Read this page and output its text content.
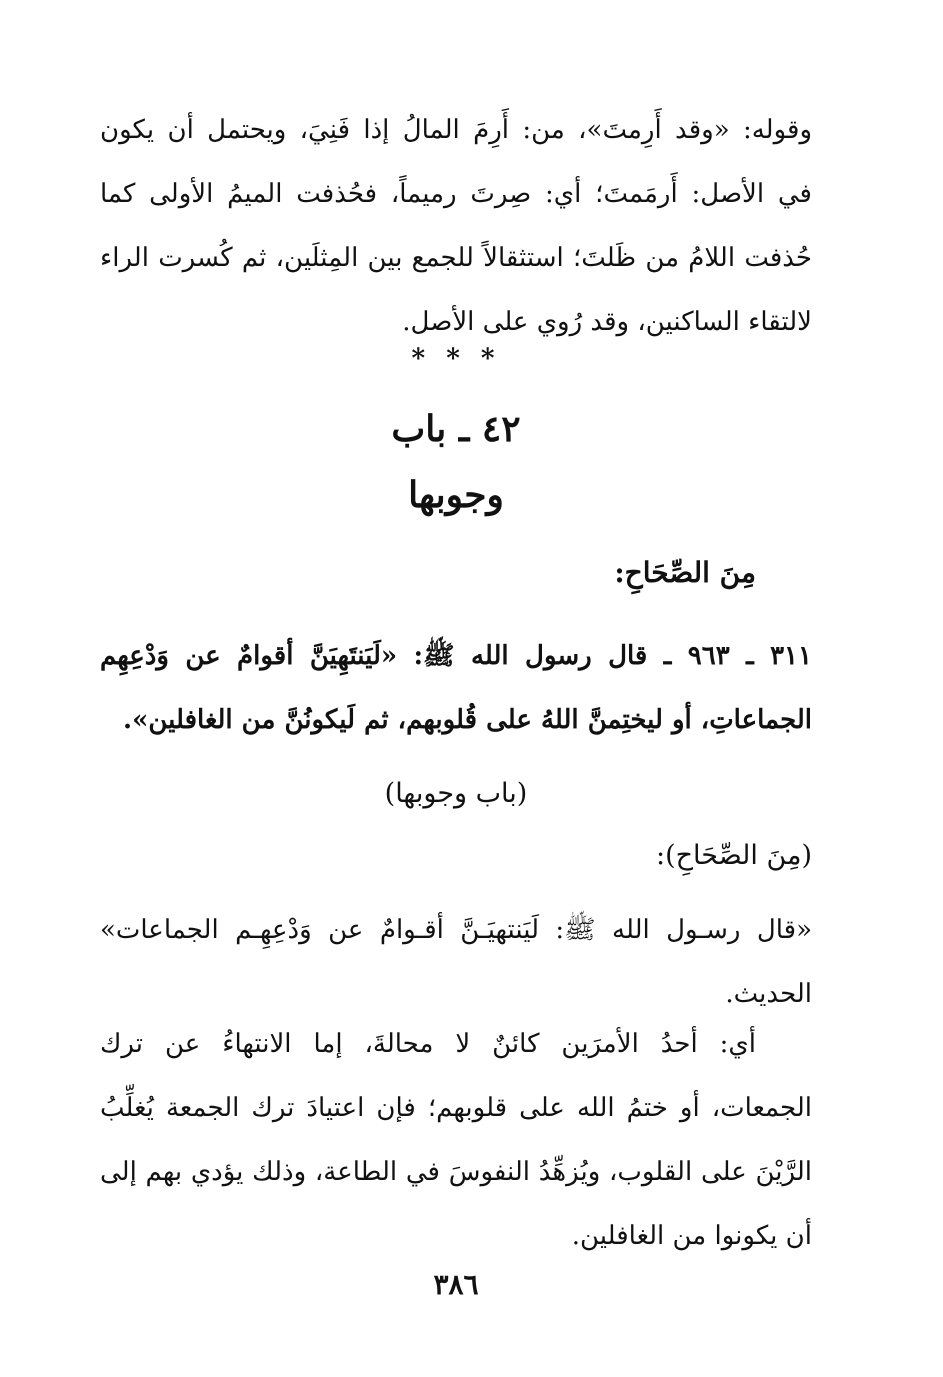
وقوله: «وقد أَرِمتَ»، من: أَرِمَ المالُ إذا فَنِيَ، ويحتمل أن يكون
في الأصل: أَرمَمتَ؛ أي: صِرتَ رميماً، فحُذفت الميمُ الأولى كما
حُذفت اللامُ من ظَلتَ؛ استثقالاً للجمع بين المِثلَين، ثم كُسرت الراء
لالتقاء الساكنين، وقد رُوي على الأصل.
* * *
٤٢ ـ باب
وجوبها
مِنَ الصِّحَاحِ:
٣١١ ـ ٩٦٣ ـ قال رسول الله ﷺ: «لَيَنتَهِيَنَّ أقوامٌ عن وَدْعِهِم
الجماعاتِ، أو ليختِمنَّ اللهُ على قُلوبهم، ثم لَيكونُنَّ من الغافلين».
(باب وجوبها)
(مِنَ الصِّحَاحِ):
«قال رسـول الله ﷺ: لَيَنتهيَـنَّ أقـوامٌ عن وَدْعِهِـم الجماعات»
الحديث.
أي: أحدُ الأمرَين كائنٌ لا محالةَ، إما الانتهاءُ عن ترك
الجمعات، أو ختمُ الله على قلوبهم؛ فإن اعتيادَ ترك الجمعة يُغلِّبُ
الرَّيْنَ على القلوب، ويُزهِّدُ النفوسَ في الطاعة، وذلك يؤدي بهم إلى
أن يكونوا من الغافلين.
٣٨٦
